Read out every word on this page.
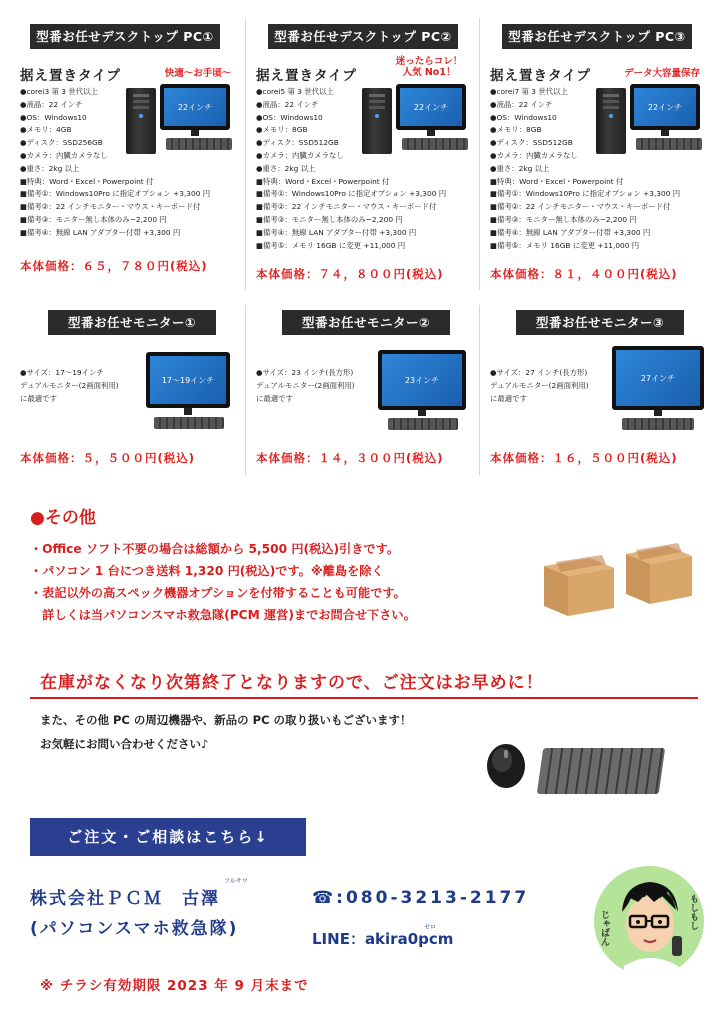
型番お任せデスクトップ PC①
据え置きタイプ	快適～お手頃～
22インチ
●corei3 第 3 世代以上
●液晶：22 インチ
●OS：Windows10
●メモリ：4GB
●ディスク：SSD256GB
●カメラ：内臓カメラなし
●重さ：2kg 以上
■特典：Word・Excel・Powerpoint 付
■備考①：Windows10Pro に指定オプション +3,300 円
■備考②：22 インチモニター・マウス・キーボード付
■備考③：モニター無し本体のみ−2,200 円
■備考④：無線 LAN アダプター付帯 +3,300 円
本体価格：６５，７８０円(税込)
型番お任せデスクトップ PC②
据え置きタイプ
迷ったらコレ！人気 No1！
22インチ
●corei5 第 3 世代以上
●液晶：22 インチ
●OS：Windows10
●メモリ：8GB
●ディスク：SSD512GB
●カメラ：内臓カメラなし
●重さ：2kg 以上
■特典：Word・Excel・Powerpoint 付
■備考①：Windows10Pro に指定オプション +3,300 円
■備考②：22 インチモニター・マウス・キーボード付
■備考③：モニター無し本体のみ−2,200 円
■備考④：無線 LAN アダプター付帯 +3,300 円
■備考⑤：メモリ 16GB に変更 +11,000 円
本体価格：７４，８００円(税込)
型番お任せデスクトップ PC③
据え置きタイプ	データ大容量保存
22インチ
●corei7 第 3 世代以上
●液晶：22 インチ
●OS：Windows10
●メモリ：8GB
●ディスク：SSD512GB
●カメラ：内臓カメラなし
●重さ：2kg 以上
■特典：Word・Excel・Powerpoint 付
■備考①：Windows10Pro に指定オプション +3,300 円
■備考②：22 インチモニター・マウス・キーボード付
■備考③：モニター無し本体のみ−2,200 円
■備考④：無線 LAN アダプター付帯 +3,300 円
■備考⑤：メモリ 16GB に変更 +11,000 円
本体価格：８１，４００円(税込)
型番お任せモニター①
●サイズ：17～19インチ
デュアルモニター(2画面利用)
に最適です
17～19インチ
本体価格：５，５００円(税込)
型番お任せモニター②
●サイズ：23 インチ(長方形)
デュアルモニター(2画面利用)
に最適です
23インチ
本体価格：１４，３００円(税込)
型番お任せモニター③
●サイズ：27 インチ(長方形)
デュアルモニター(2画面利用)
に最適です
27インチ
本体価格：１６，５００円(税込)
●その他
・Office ソフト不要の場合は総額から 5,500 円(税込)引きです。
・パソコン 1 台につき送料 1,320 円(税込)です。※離島を除く
・表記以外の高スペック機器オプションを付帯することも可能です。
　詳しくは当パソコンスマホ救急隊(PCM 運営)までお問合せ下さい。
在庫がなくなり次第終了となりますので、ご注文はお早めに！
また、その他 PC の周辺機器や、新品の PC の取り扱いもございます！
お気軽にお問い合わせください♪
ご注文・ご相談はこちら↓
フルサワ
株式会社ＰＣＭ　古澤
(パソコンスマホ救急隊)
☎:080-3213-2177
ゼロ
LINE：akira0pcm
もしもし
じゃぱん
※ チラシ有効期限 2023 年 9 月末まで
